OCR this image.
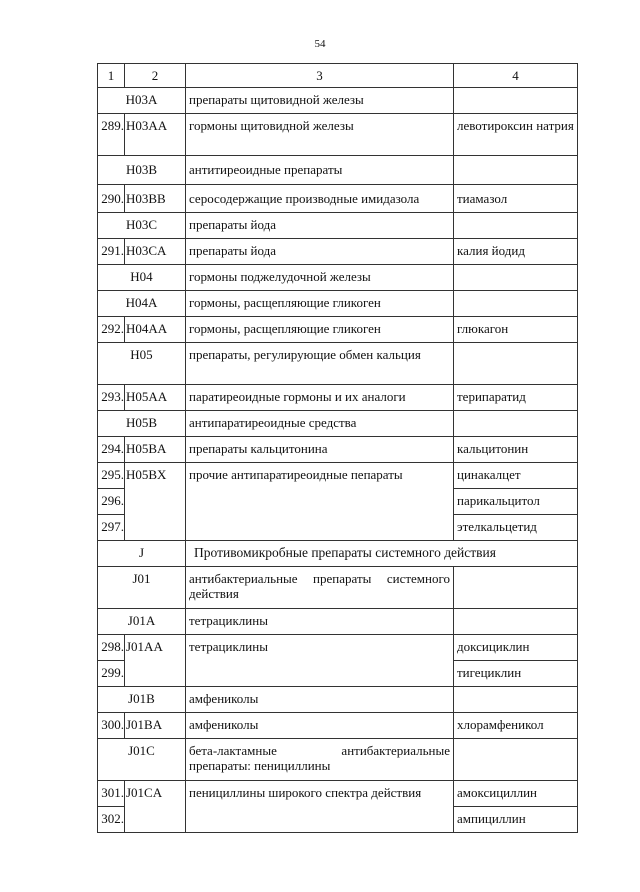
54
1	2	3	4
H03A		препараты щитовидной железы	
289.	H03AA	гормоны щитовидной железы	левотироксин натрия
H03B		антитиреоидные препараты	
290.	H03BB	серосодержащие производные имидазола	тиамазол
H03C		препараты йода	
291.	H03CA	препараты йода	калия йодид
H04		гормоны поджелудочной железы	
H04A		гормоны, расщепляющие гликоген	
292.	H04AA	гормоны, расщепляющие гликоген	глюкагон
H05		препараты, регулирующие обмен кальция	
293.	H05AA	паратиреоидные гормоны и их аналоги	терипаратид
H05B		антипаратиреоидные средства	
294.	H05BA	препараты кальцитонина	кальцитонин
295.	H05BX	прочие антипаратиреоидные пепараты	цинакалцет
296.			парикальцитол
297.			этелкальцетид
J		Противомикробные препараты системного действия	
J01		антибактериальные препараты системного действия	
J01A		тетрациклины	
298.	J01AA	тетрациклины	доксициклин
299.			тигециклин
J01B		амфениколы	
300.	J01BA	амфениколы	хлорамфеникол
J01C		бета-лактамные антибактериальные препараты: пенициллины	
301.	J01CA	пенициллины широкого спектра действия	амоксициллин
302.			ампициллин
